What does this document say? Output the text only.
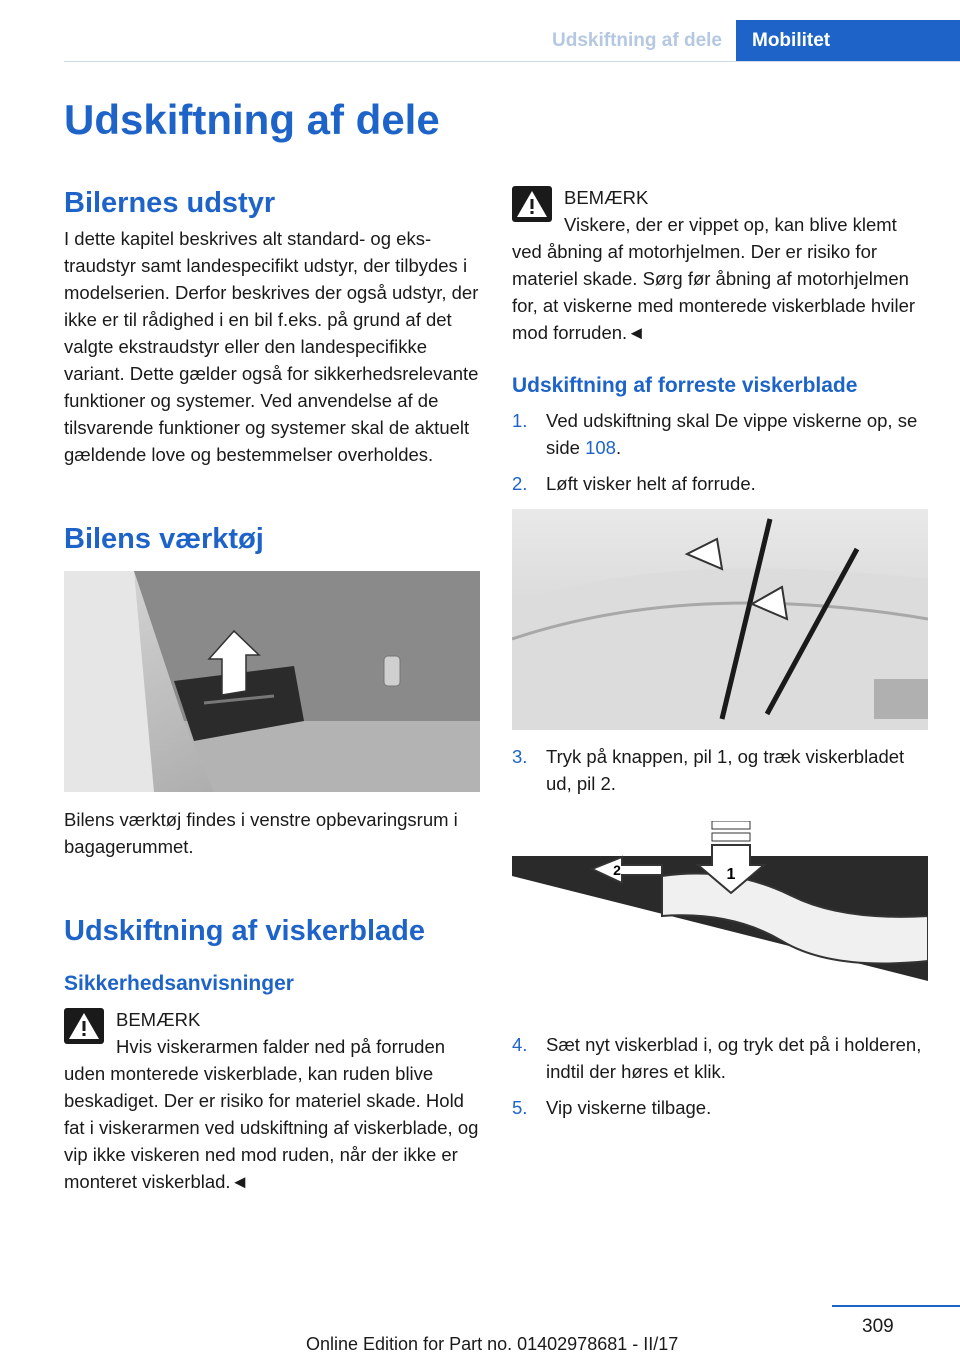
Udskiftning af dele	Mobilitet
Udskiftning af dele
Bilernes udstyr

I dette kapitel beskrives alt standard- og ekstraudstyr samt landespecifikt udstyr, der tilbydes i modelserien. Derfor beskrives der også udstyr, der ikke er til rådighed i en bil f.eks. på grund af det valgte ekstraudstyr eller den landespecifikke variant. Dette gælder også for sikkerhedsrelevante funktioner og systemer. Ved anvendelse af de tilsvarende funktioner og systemer skal de aktuelt gældende love og bestemmelser overholdes.

Bilens værktøj

Bilens værktøj findes i venstre opbevaringsrum i bagagerummet.

Udskiftning af viskerblade
Sikkerhedsanvisninger
BEMÆRK

Hvis viskerarmen falder ned på forruden

uden monterede viskerblade, kan ruden blive beskadiget. Der er risiko for materiel skade. Hold fat i viskerarmen ved udskiftning af viskerblade, og vip ikke viskeren ned mod ruden, når der ikke er monteret viskerblad.◄

BEMÆRK

Viskere, der er vippet op, kan blive klemt

ved åbning af motorhjelmen. Der er risiko for materiel skade. Sørg før åbning af motorhjelmen for, at viskerne med monterede viskerblade hviler mod forruden.◄

Udskiftning af forreste viskerblade
1. Ved udskiftning skal De vippe viskerne op, se side 108.
2. Løft visker helt af forrude.
3. Tryk på knappen, pil 1, og træk viskerbladet ud, pil 2.
1
2
4. Sæt nyt viskerblad i, og tryk det på i holderen, indtil der høres et klik.
5. Vip viskerne tilbage.
309
Online Edition for Part no. 01402978681 - II/17
